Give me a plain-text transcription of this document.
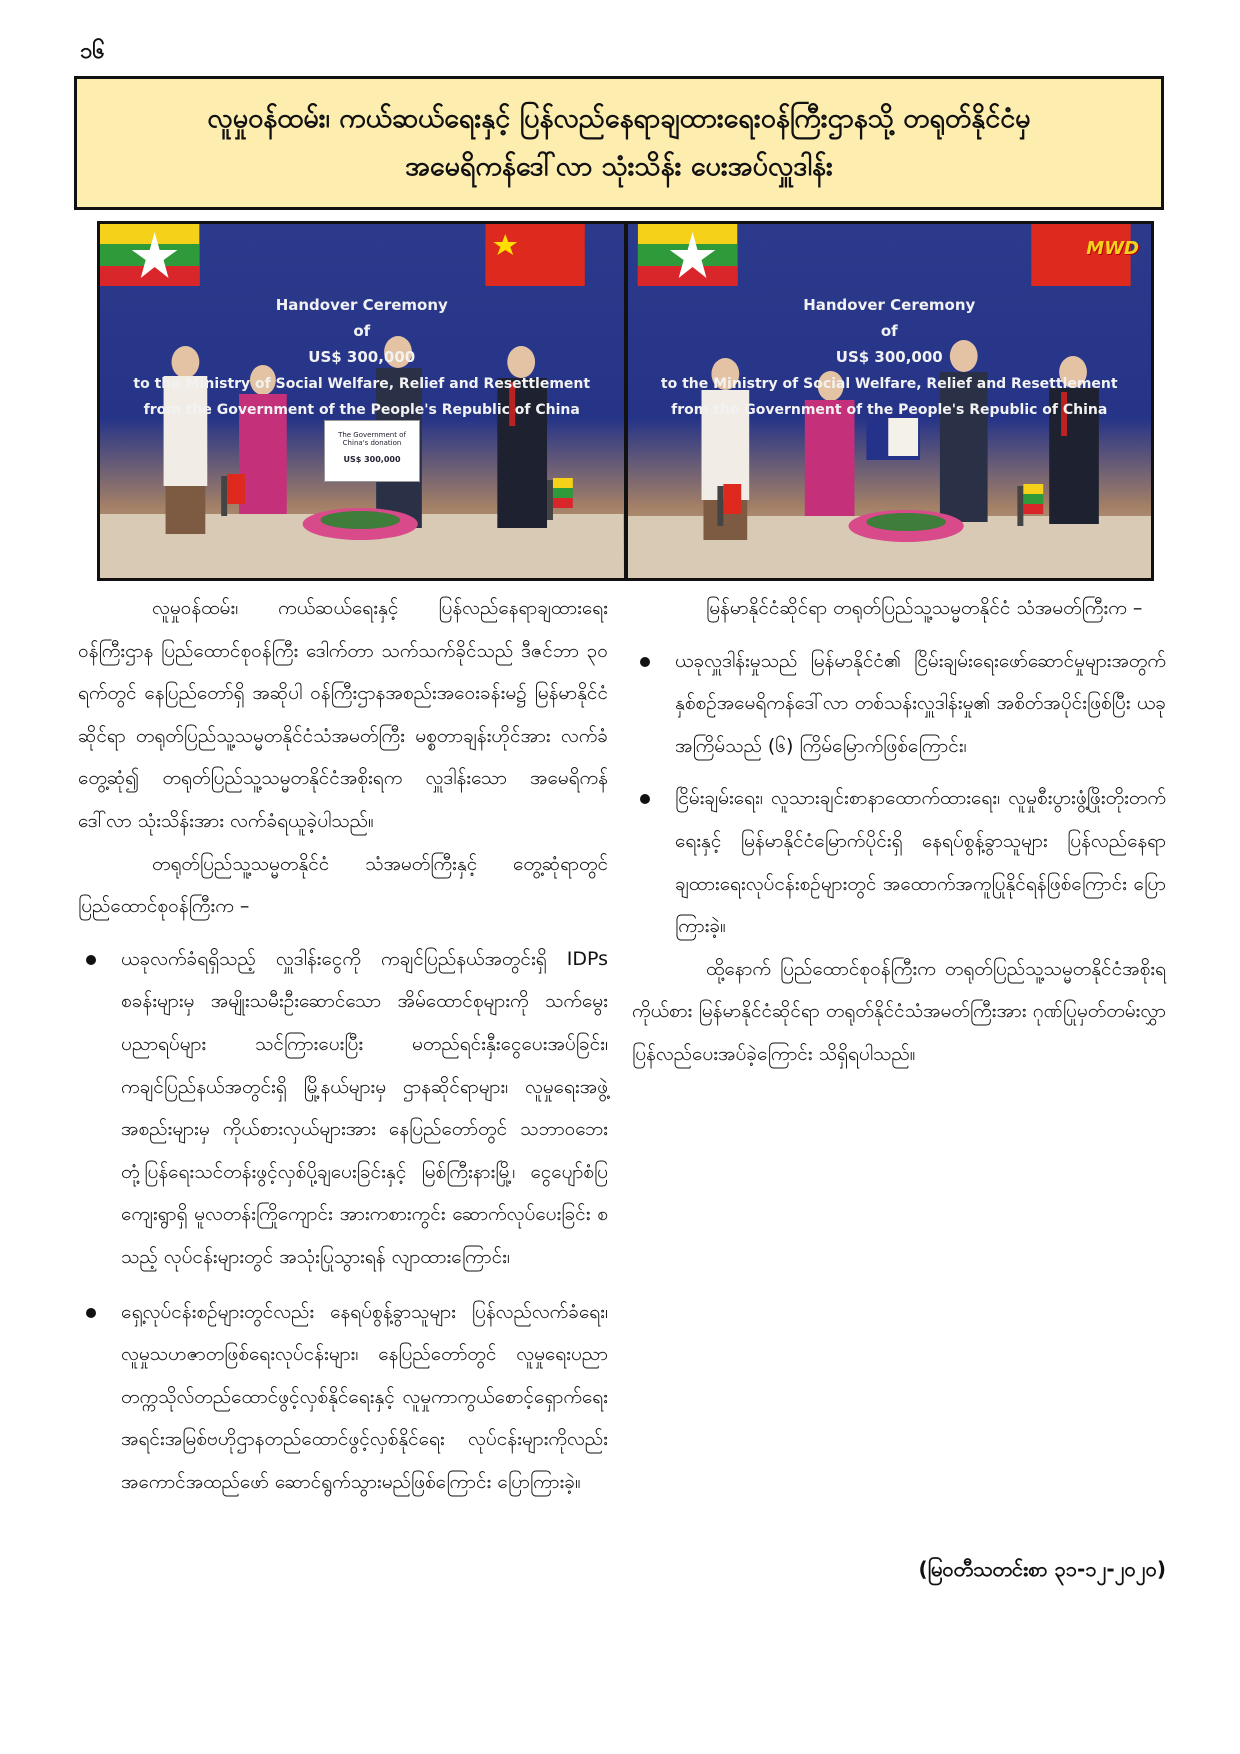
၁၆
လူမှုဝန်ထမ်း၊ ကယ်ဆယ်ရေးနှင့် ပြန်လည်နေရာချထားရေးဝန်ကြီးဌာနသို့ တရုတ်နိုင်ငံမှ
အမေရိကန်ဒေါ်လာ သုံးသိန်း ပေးအပ်လှူဒါန်း
Handover Ceremony
of
US$ 300,000
to the Ministry of Social Welfare, Relief and Resettlement
from the Government of the People's Republic of China
The Government of China's donation
US$ 300,000
MWD
Handover Ceremony
of
US$ 300,000
to the Ministry of Social Welfare, Relief and Resettlement
from the Government of the People's Republic of China

လူမှုဝန်ထမ်း၊ ကယ်ဆယ်ရေးနှင့် ပြန်လည်နေရာချထားရေးဝန်ကြီးဌာန ပြည်ထောင်စုဝန်ကြီး ဒေါက်တာ သက်သက်ခိုင်သည် ဒီဇင်ဘာ ၃၀ ရက်တွင် နေပြည်တော်ရှိ အဆိုပါ ဝန်ကြီးဌာနအစည်းအဝေးခန်းမ၌ မြန်မာနိုင်ငံဆိုင်ရာ တရုတ်ပြည်သူ့သမ္မတနိုင်ငံသံအမတ်ကြီး မစ္စတာချန်းဟိုင်အား လက်ခံတွေ့ဆုံ၍ တရုတ်ပြည်သူ့သမ္မတနိုင်ငံအစိုးရက လှူဒါန်းသော အမေရိကန်ဒေါ်လာ သုံးသိန်းအား လက်ခံရယူခဲ့ပါသည်။

တရုတ်ပြည်သူ့သမ္မတနိုင်ငံ သံအမတ်ကြီးနှင့် တွေ့ဆုံရာတွင် ပြည်ထောင်စုဝန်ကြီးက –

ယခုလက်ခံရရှိသည့် လှူဒါန်းငွေကို ကချင်ပြည်နယ်အတွင်းရှိ IDPs စခန်းများမှ အမျိုးသမီးဦးဆောင်သော အိမ်ထောင်စုများကို သက်မွေးပညာရပ်များ သင်ကြားပေးပြီး မတည်ရင်းနှီးငွေပေးအပ်ခြင်း၊ ကချင်ပြည်နယ်အတွင်းရှိ မြို့နယ်များမှ ဌာနဆိုင်ရာများ၊ လူမှုရေးအဖွဲ့အစည်းများမှ ကိုယ်စားလှယ်များအား နေပြည်တော်တွင် သဘာဝဘေးတုံ့ပြန်ရေးသင်တန်းဖွင့်လှစ်ပို့ချပေးခြင်းနှင့် မြစ်ကြီးနားမြို့၊ ငွေပျော်စံပြကျေးရွာရှိ မူလတန်းကြိုကျောင်း အားကစားကွင်း ဆောက်လုပ်ပေးခြင်း စသည့် လုပ်ငန်းများတွင် အသုံးပြုသွားရန် လျာထားကြောင်း၊

ရှေ့လုပ်ငန်းစဉ်များတွင်လည်း နေရပ်စွန့်ခွာသူများ ပြန်လည်လက်ခံရေး၊ လူမှုသဟဇာတဖြစ်ရေးလုပ်ငန်းများ၊ နေပြည်တော်တွင် လူမှုရေးပညာတက္ကသိုလ်တည်ထောင်ဖွင့်လှစ်နိုင်ရေးနှင့် လူမှုကာကွယ်စောင့်ရှောက်ရေးအရင်းအမြစ်ဗဟိုဌာနတည်ထောင်ဖွင့်လှစ်နိုင်ရေး လုပ်ငန်းများကိုလည်း အကောင်အထည်ဖော် ဆောင်ရွက်သွားမည်ဖြစ်ကြောင်း ပြောကြားခဲ့။

မြန်မာနိုင်ငံဆိုင်ရာ တရုတ်ပြည်သူ့သမ္မတနိုင်ငံ သံအမတ်ကြီးက –

ယခုလှူဒါန်းမှုသည် မြန်မာနိုင်ငံ၏ ငြိမ်းချမ်းရေးဖော်ဆောင်မှုများအတွက် နှစ်စဉ်အမေရိကန်ဒေါ်လာ တစ်သန်းလှူဒါန်းမှု၏ အစိတ်အပိုင်းဖြစ်ပြီး ယခုအကြိမ်သည် (၆) ကြိမ်မြောက်ဖြစ်ကြောင်း၊

ငြိမ်းချမ်းရေး၊ လူသားချင်းစာနာထောက်ထားရေး၊ လူမှုစီးပွားဖွံ့ဖြိုးတိုးတက်ရေးနှင့် မြန်မာနိုင်ငံမြောက်ပိုင်းရှိ နေရပ်စွန့်ခွာသူများ ပြန်လည်နေရာချထားရေးလုပ်ငန်းစဉ်များတွင် အထောက်အကူပြုနိုင်ရန်ဖြစ်ကြောင်း ပြောကြားခဲ့။

ထို့နောက် ပြည်ထောင်စုဝန်ကြီးက တရုတ်ပြည်သူ့သမ္မတနိုင်ငံအစိုးရကိုယ်စား မြန်မာနိုင်ငံဆိုင်ရာ တရုတ်နိုင်ငံသံအမတ်ကြီးအား ဂုဏ်ပြုမှတ်တမ်းလွှာ ပြန်လည်ပေးအပ်ခဲ့ကြောင်း သိရှိရပါသည်။

(မြဝတီသတင်းစာ ၃၁-၁၂-၂၀၂၀)
